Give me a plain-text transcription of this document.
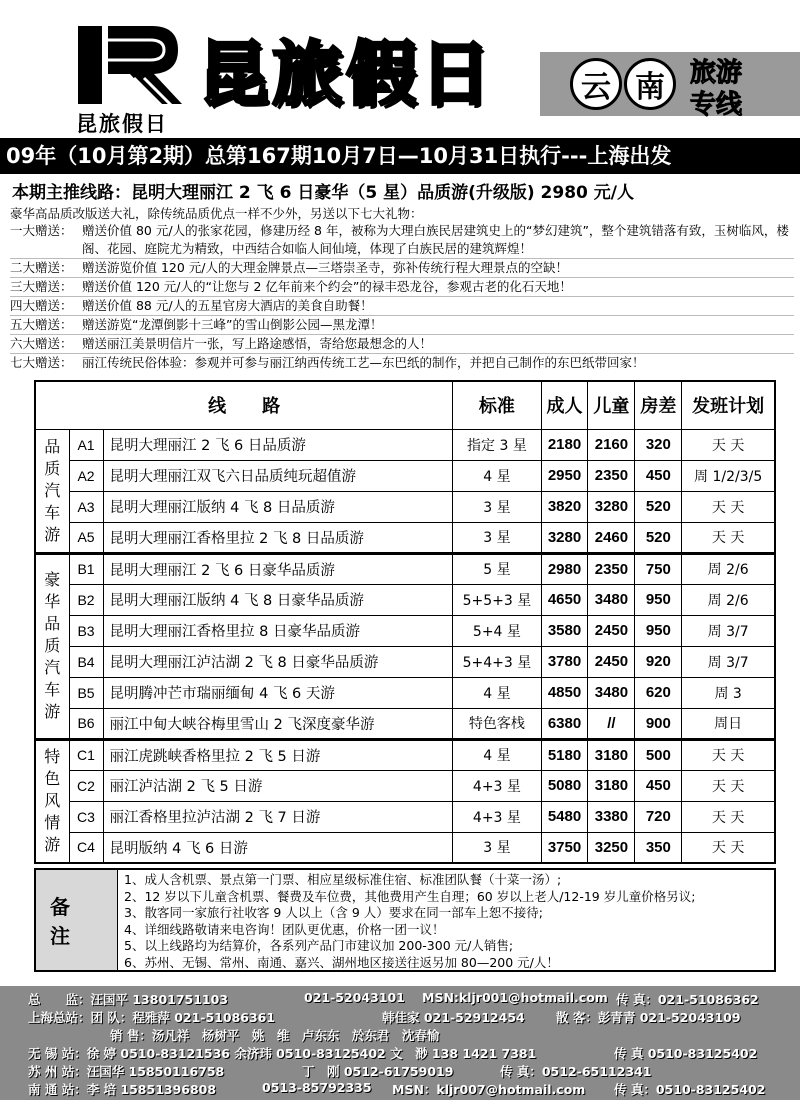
昆旅假日
昆旅假日	云 南 旅游
专线
09年（10月第2期）总第167期10月7日—10月31日执行---上海出发
本期主推线路：昆明大理丽江 2 飞 6 日豪华（5 星）品质游(升级版) 2980 元/人
豪华高品质改版送大礼，除传统品质优点一样不少外，另送以下七大礼物：
一大赠送： 赠送价值 80 元/人的张家花园，修建历经 8 年，被称为大理白族民居建筑史上的“梦幻建筑”，整个建筑错落有致，玉树临风，楼阁、花园、庭院尤为精致，中西结合如临人间仙境，体现了白族民居的建筑辉煌！
二大赠送： 赠送游览价值 120 元/人的大理金牌景点—三塔崇圣寺，弥补传统行程大理景点的空缺！
三大赠送： 赠送价值 120 元/人的“让您与 2 亿年前来个约会”的禄丰恐龙谷，参观古老的化石天地！
四大赠送： 赠送价值 88 元/人的五星官房大酒店的美食自助餐！
五大赠送： 赠送游览“龙潭倒影十三峰”的雪山倒影公园—黑龙潭！
六大赠送： 赠送丽江美景明信片一张，写上路途感悟，寄给您最想念的人！
七大赠送： 丽江传统民俗体验：参观并可参与丽江纳西传统工艺—东巴纸的制作，并把自己制作的东巴纸带回家！
线　　路			标准	成人	儿童	房差	发班计划
品质汽车游	A1	昆明大理丽江 2 飞 6 日品质游	指定 3 星	2180	2160	320	天 天
	A2	昆明大理丽江双飞六日品质纯玩超值游	4 星	2950	2350	450	周 1/2/3/5
	A3	昆明大理丽江版纳 4 飞 8 日品质游	3 星	3820	3280	520	天 天
	A5	昆明大理丽江香格里拉 2 飞 8 日品质游	3 星	3280	2460	520	天 天
豪华品质汽车游	B1	昆明大理丽江 2 飞 6 日豪华品质游	5 星	2980	2350	750	周 2/6
	B2	昆明大理丽江版纳 4 飞 8 日豪华品质游	5+5+3 星	4650	3480	950	周 2/6
	B3	昆明大理丽江香格里拉 8 日豪华品质游	5+4 星	3580	2450	950	周 3/7
	B4	昆明大理丽江泸沽湖 2 飞 8 日豪华品质游	5+4+3 星	3780	2450	920	周 3/7
	B5	昆明腾冲芒市瑞丽缅甸 4 飞 6 天游	4 星	4850	3480	620	周 3
	B6	丽江中甸大峡谷梅里雪山 2 飞深度豪华游	特色客栈	6380	//	900	周日
特色风情游	C1	丽江虎跳峡香格里拉 2 飞 5 日游	4 星	5180	3180	500	天 天
	C2	丽江泸沽湖 2 飞 5 日游	4+3 星	5080	3180	450	天 天
	C3	丽江香格里拉泸沽湖 2 飞 7 日游	4+3 星	5480	3380	720	天 天
	C4	昆明版纳 4 飞 6 日游	3 星	3750	3250	350	天 天
备注
1、成人含机票、景点第一门票、相应星级标准住宿、标准团队餐（十菜一汤）;
2、12 岁以下儿童含机票、餐费及车位费，其他费用产生自理；60 岁以上老人/12-19 岁儿童价格另议;
3、散客同一家旅行社收客 9 人以上（含 9 人）要求在同一部车上恕不接待;
4、详细线路敬请来电咨询！团队更优惠，价格一团一议！
5、以上线路均为结算价，各系列产品门市建议加 200-300 元/人销售;
6、苏州、无锡、常州、南通、嘉兴、湖州地区接送往返另加 80—200 元/人！
总　　监：汪国平 13801751103	021-52043101 MSN:kljr001@hotmail.com 传 真：021-51086362
上海总站：团 队：程雅萍 021-51086361	韩佳家 021-52912454	散 客：彭青青 021-52043109
销 售：汤凡祥　杨树平　姚　维　卢东东　於东君　沈春愉
无 锡 站：徐 婷 0510-83121536 余济玮 0510-83125402 文　渺 138 1421 7381	传 真 0510-83125402
苏 州 站：汪国华 15850116758	丁　刚 0512-61759019	传 真：0512-65112341
南 通 站：李 培 15851396808	0513-85792335 MSN：kljr007@hotmail.com 传 真：0510-83125402
